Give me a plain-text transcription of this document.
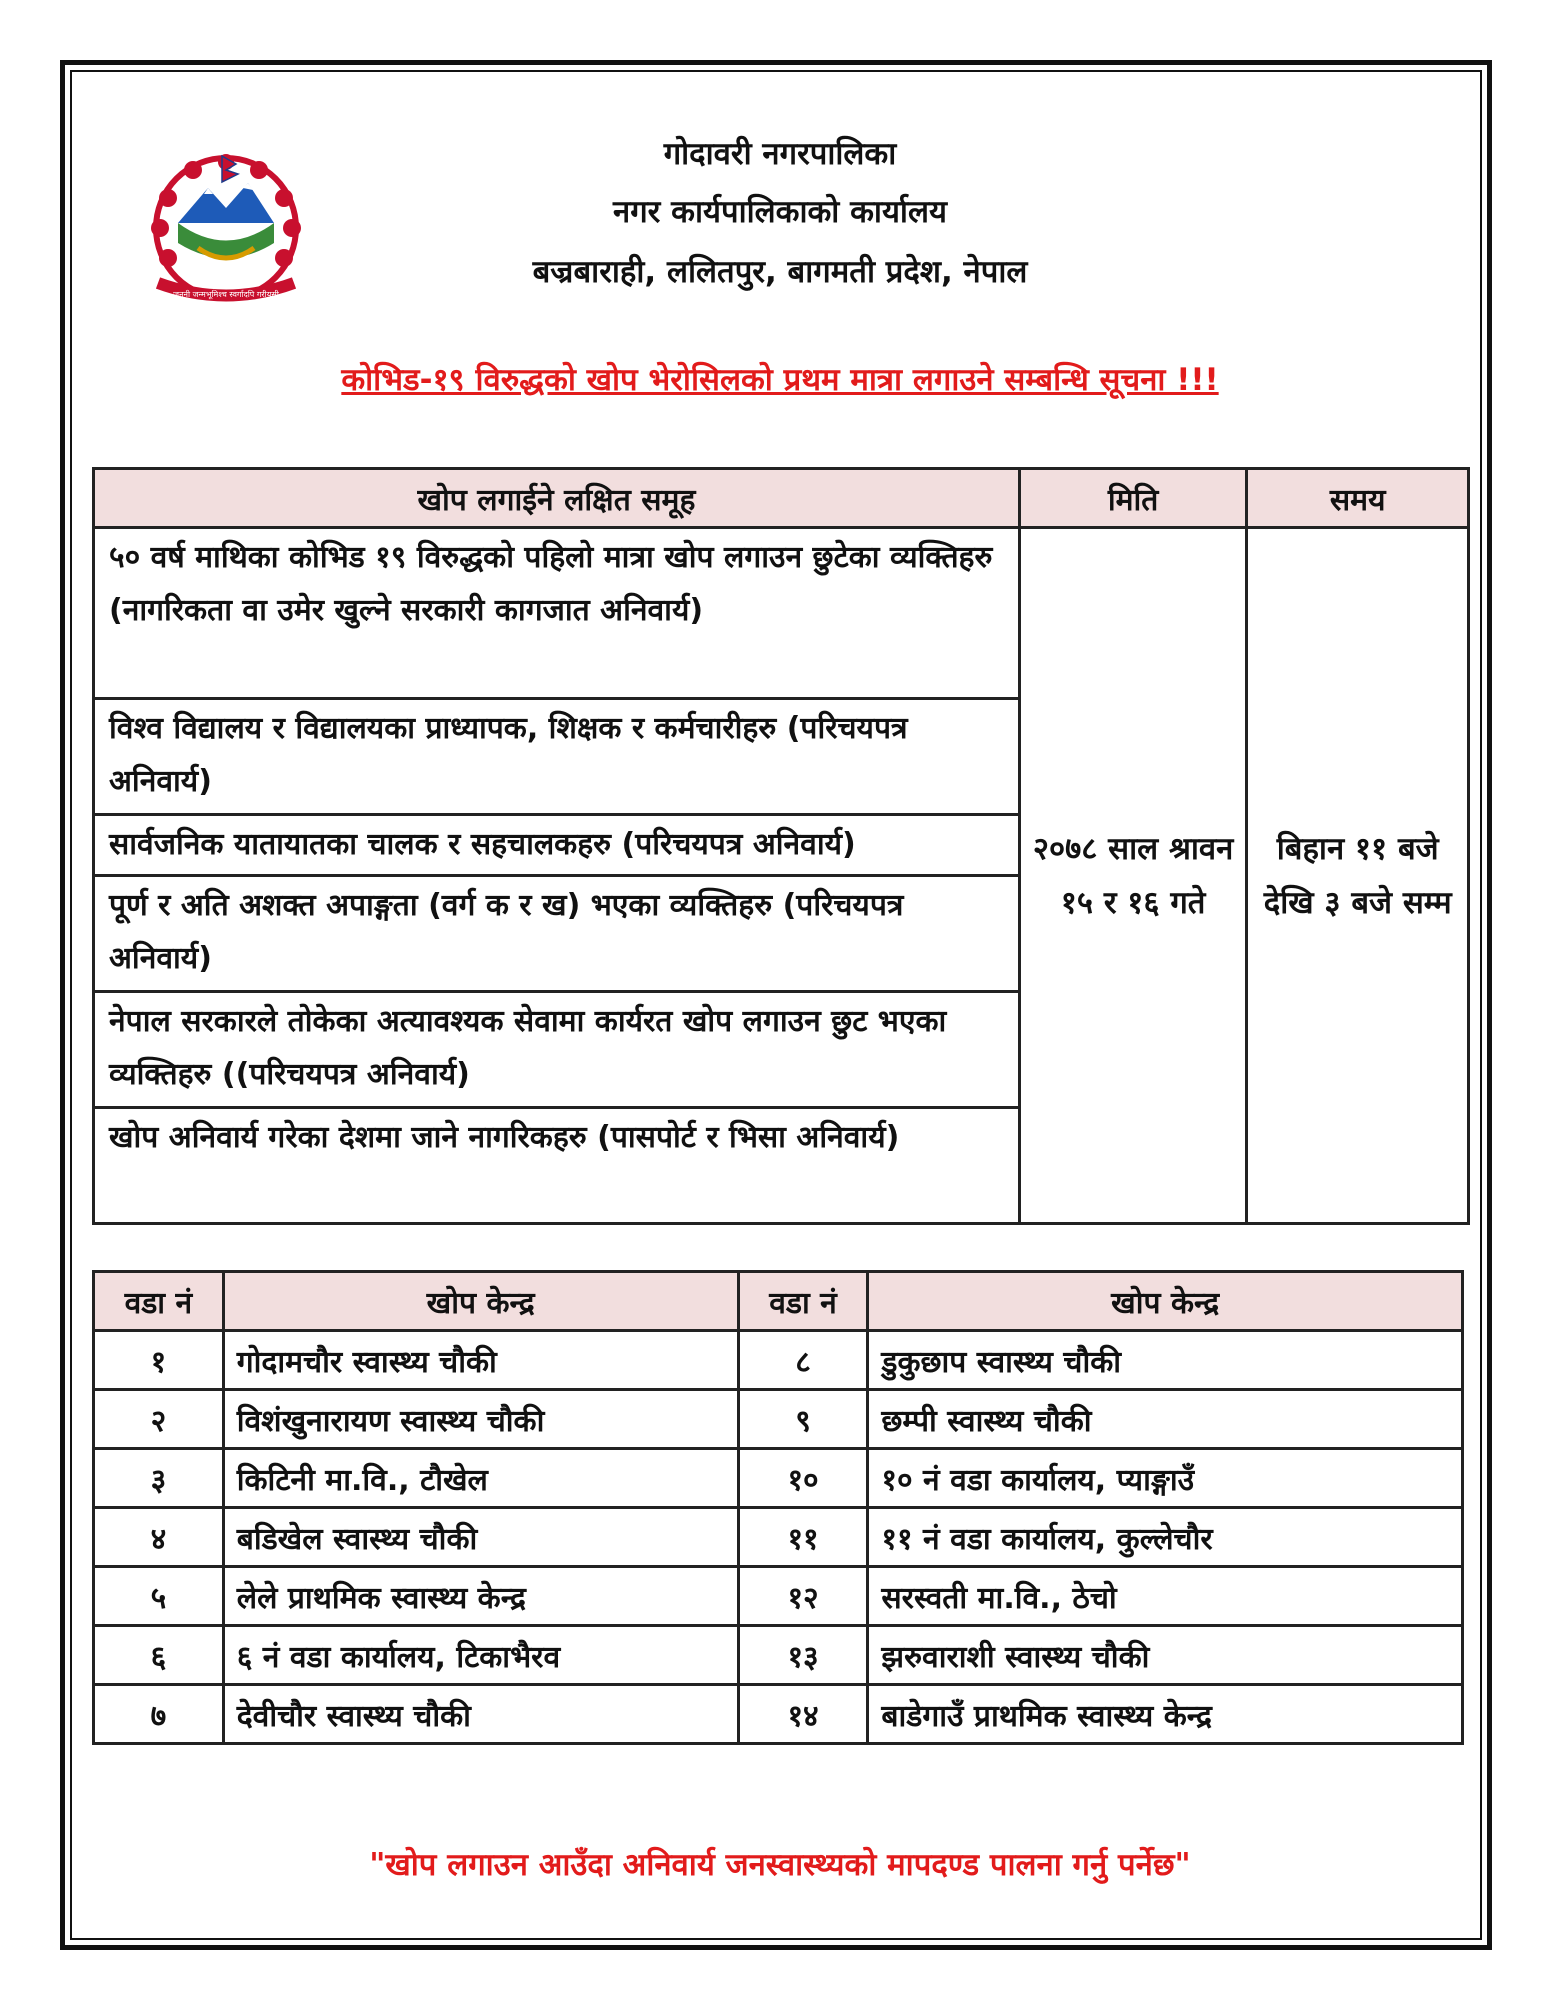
जननी जन्मभूमिश्च स्वर्गादपि गरीयसी
गोदावरी नगरपालिका
नगर कार्यपालिकाको कार्यालय
बज्रबाराही, ललितपुर, बागमती प्रदेश, नेपाल
कोभिड-१९ विरुद्धको खोप भेरोसिलको प्रथम मात्रा लगाउने सम्बन्धि सूचना !!!
खोप लगाईने लक्षित समूह	मिति	समय
५० वर्ष माथिका कोभिड १९ विरुद्धको पहिलो मात्रा खोप लगाउन छुटेका व्यक्तिहरु (नागरिकता वा उमेर खुल्ने सरकारी कागजात अनिवार्य)	२०७८ साल श्रावन १५ र १६ गते	बिहान ११ बजे देखि ३ बजे सम्म
विश्व विद्यालय र विद्यालयका प्राध्यापक, शिक्षक र कर्मचारीहरु (परिचयपत्र अनिवार्य)		
सार्वजनिक यातायातका चालक र सहचालकहरु (परिचयपत्र अनिवार्य)		
पूर्ण र अति अशक्त अपाङ्गता (वर्ग क र ख) भएका व्यक्तिहरु (परिचयपत्र अनिवार्य)		
नेपाल सरकारले तोकेका अत्यावश्यक सेवामा कार्यरत खोप लगाउन छुट भएका व्यक्तिहरु ((परिचयपत्र अनिवार्य)		
खोप अनिवार्य गरेका देशमा जाने नागरिकहरु (पासपोर्ट र भिसा अनिवार्य)		
वडा नं	खोप केन्द्र	वडा नं	खोप केन्द्र
१	गोदामचौर स्वास्थ्य चौकी	८	डुकुछाप स्वास्थ्य चौकी
२	विशंखुनारायण स्वास्थ्य चौकी	९	छम्पी स्वास्थ्य चौकी
३	किटिनी मा.वि., टौखेल	१०	१० नं वडा कार्यालय, प्याङ्गाउँ
४	बडिखेल स्वास्थ्य चौकी	११	११ नं वडा कार्यालय, कुल्लेचौर
५	लेले प्राथमिक स्वास्थ्य केन्द्र	१२	सरस्वती मा.वि., ठेचो
६	६ नं वडा कार्यालय, टिकाभैरव	१३	झरुवाराशी स्वास्थ्य चौकी
७	देवीचौर स्वास्थ्य चौकी	१४	बाडेगाउँ प्राथमिक स्वास्थ्य केन्द्र
"खोप लगाउन आउँदा अनिवार्य जनस्वास्थ्यको मापदण्ड पालना गर्नु पर्नेछ"
